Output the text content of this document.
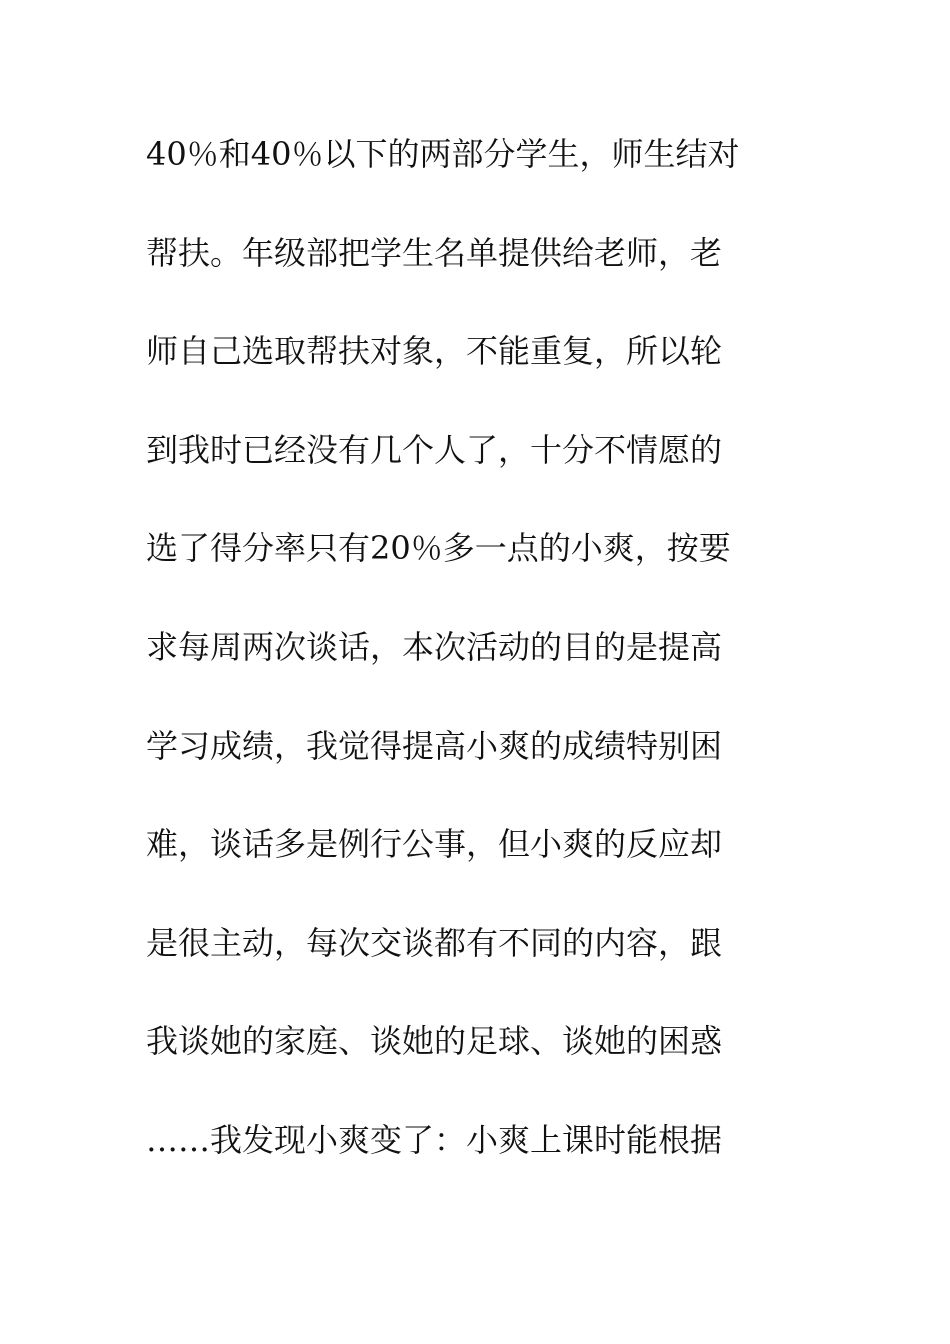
40％和40％以下的两部分学生，师生结对
帮扶。年级部把学生名单提供给老师，老
师自己选取帮扶对象，不能重复，所以轮
到我时已经没有几个人了，十分不情愿的
选了得分率只有20％多一点的小爽，按要
求每周两次谈话，本次活动的目的是提高
学习成绩，我觉得提高小爽的成绩特别困
难，谈话多是例行公事，但小爽的反应却
是很主动，每次交谈都有不同的内容，跟
我谈她的家庭、谈她的足球、谈她的困惑
……我发现小爽变了：小爽上课时能根据
